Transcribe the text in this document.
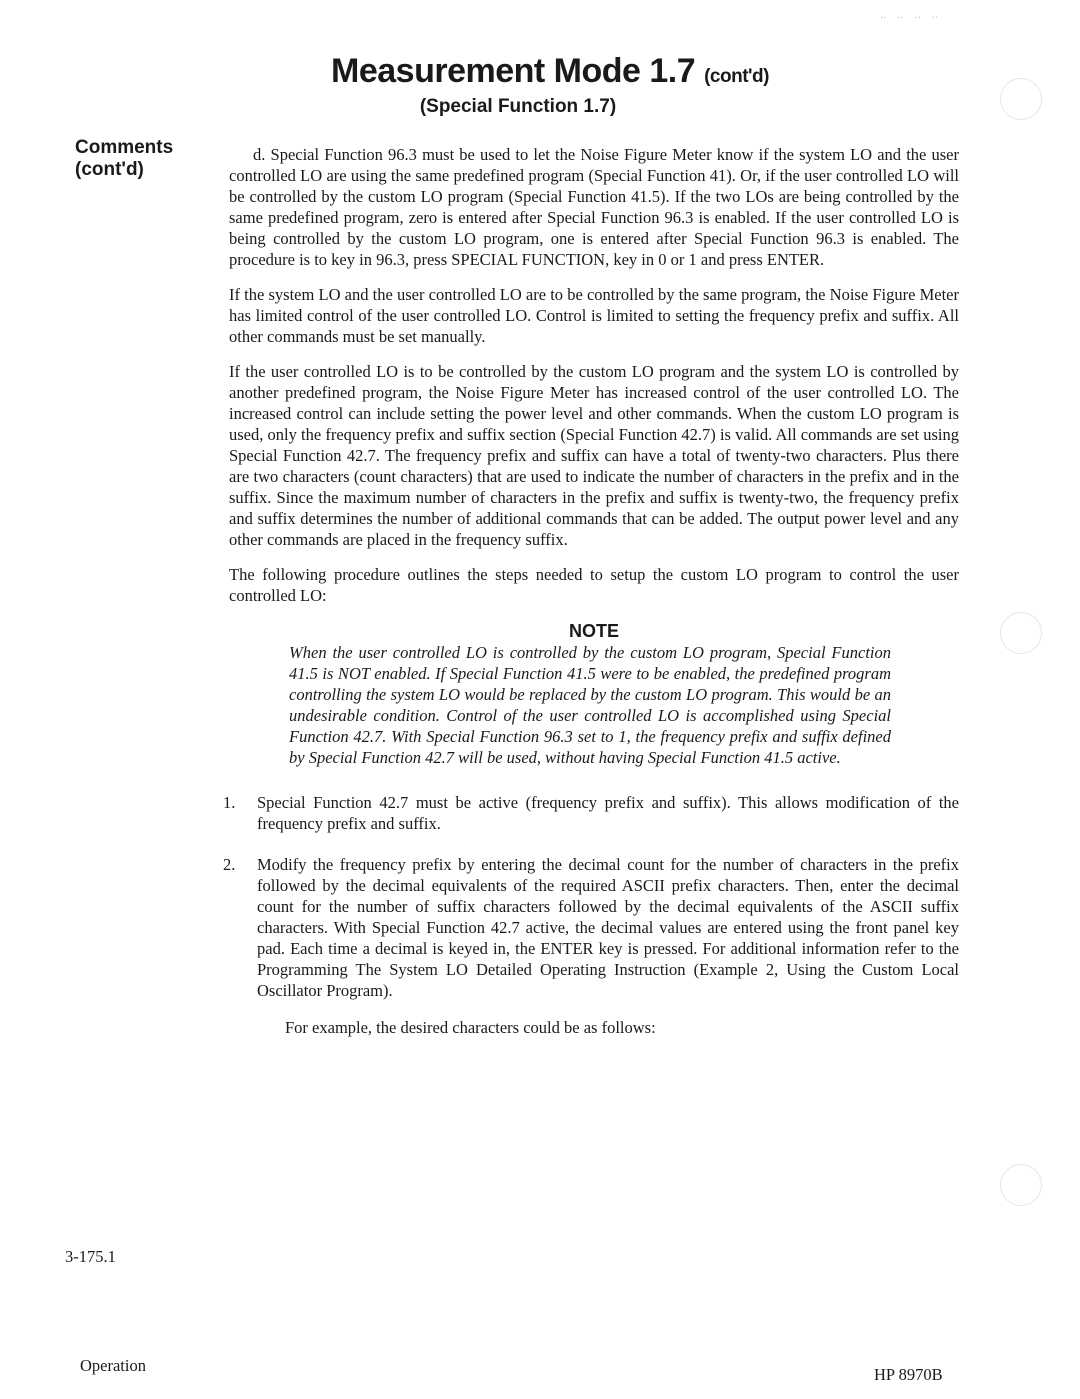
Measurement Mode 1.7 (cont'd)
(Special Function 1.7)
Comments
(cont'd)

d. Special Function 96.3 must be used to let the Noise Figure Meter know if the system LO and the user controlled LO are using the same predefined program (Special Function 41). Or, if the user controlled LO will be controlled by the custom LO program (Special Function 41.5). If the two LOs are being controlled by the same predefined program, zero is entered after Special Function 96.3 is enabled. If the user controlled LO is being controlled by the custom LO program, one is entered after Special Function 96.3 is enabled. The procedure is to key in 96.3, press SPECIAL FUNCTION, key in 0 or 1 and press ENTER.

If the system LO and the user controlled LO are to be controlled by the same program, the Noise Figure Meter has limited control of the user controlled LO. Control is limited to setting the frequency prefix and suffix. All other commands must be set manually.

If the user controlled LO is to be controlled by the custom LO program and the system LO is controlled by another predefined program, the Noise Figure Meter has increased control of the user controlled LO. The increased control can include setting the power level and other commands. When the custom LO program is used, only the frequency prefix and suffix section (Special Function 42.7) is valid. All commands are set using Special Function 42.7. The frequency prefix and suffix can have a total of twenty-two characters. Plus there are two characters (count characters) that are used to indicate the number of characters in the prefix and in the suffix. Since the maximum number of characters in the prefix and suffix is twenty-two, the frequency prefix and suffix determines the number of additional commands that can be added. The output power level and any other commands are placed in the frequency suffix.

The following procedure outlines the steps needed to setup the custom LO program to control the user controlled LO:

NOTE
When the user controlled LO is controlled by the custom LO program, Special Function 41.5 is NOT enabled. If Special Function 41.5 were to be enabled, the predefined program controlling the system LO would be replaced by the custom LO program. This would be an undesirable condition. Control of the user controlled LO is accomplished using Special Function 42.7. With Special Function 96.3 set to 1, the frequency prefix and suffix defined by Special Function 42.7 will be used, without having Special Function 41.5 active.
1. Special Function 42.7 must be active (frequency prefix and suffix). This allows modification of the frequency prefix and suffix.
2. Modify the frequency prefix by entering the decimal count for the number of characters in the prefix followed by the decimal equivalents of the required ASCII prefix characters. Then, enter the decimal count for the number of suffix characters followed by the decimal equivalents of the ASCII suffix characters. With Special Function 42.7 active, the decimal values are entered using the front panel key pad. Each time a decimal is keyed in, the ENTER key is pressed. For additional information refer to the Programming The System LO Detailed Operating Instruction (Example 2, Using the Custom Local Oscillator Program).
For example, the desired characters could be as follows:
3-175.1
Operation	HP 8970B
‥ ‥ ‥ ‥
